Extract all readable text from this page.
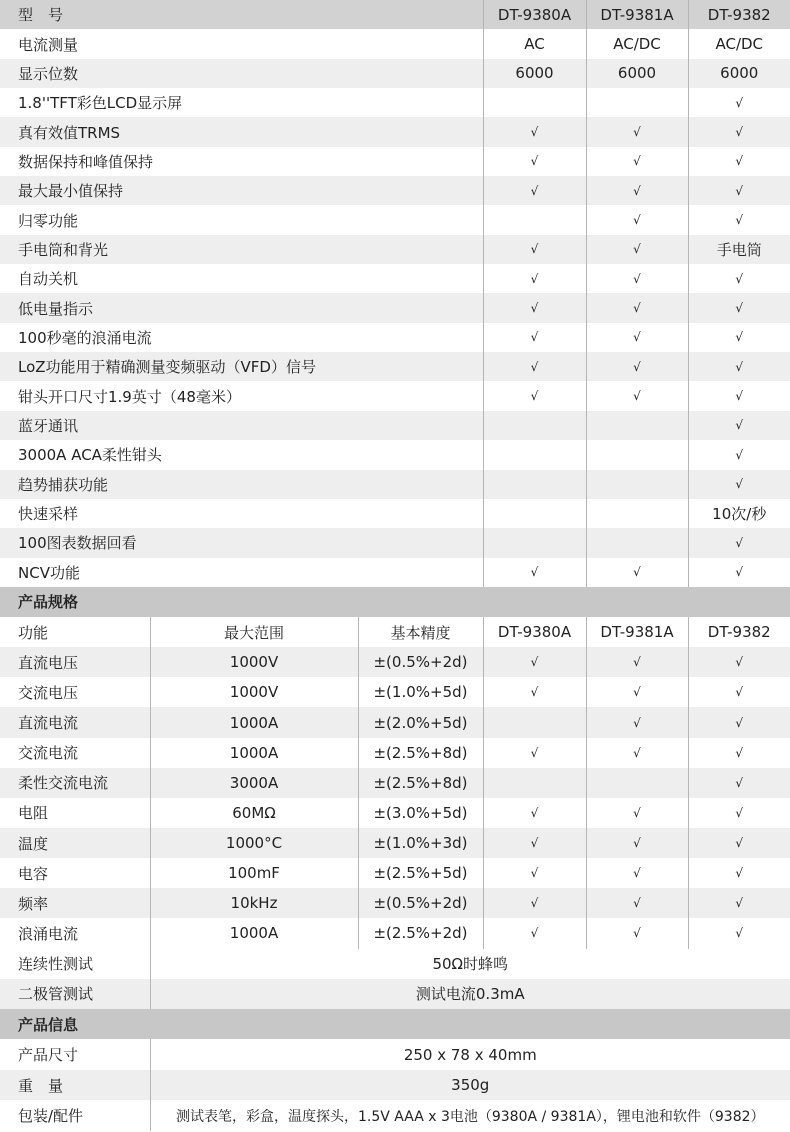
型　号	DT-9380A	DT-9381A	DT-9382
电流测量	AC	AC/DC	AC/DC
显示位数	6000	6000	6000
1.8''TFT彩色LCD显示屏			√
真有效值TRMS	√	√	√
数据保持和峰值保持	√	√	√
最大最小值保持	√	√	√
归零功能		√	√
手电筒和背光	√	√	手电筒
自动关机	√	√	√
低电量指示	√	√	√
100秒毫的浪涌电流	√	√	√
LoZ功能用于精确测量变频驱动（VFD）信号	√	√	√
钳头开口尺寸1.9英寸（48毫米）	√	√	√
蓝牙通讯			√
3000A ACA柔性钳头			√
趋势捕获功能			√
快速采样			10次/秒
100图表数据回看			√
NCV功能	√	√	√
产品规格					
功能	最大范围	基本精度	DT-9380A	DT-9381A	DT-9382
直流电压	1000V	±(0.5%+2d)	√	√	√
交流电压	1000V	±(1.0%+5d)	√	√	√
直流电流	1000A	±(2.0%+5d)		√	√
交流电流	1000A	±(2.5%+8d)	√	√	√
柔性交流电流	3000A	±(2.5%+8d)			√
电阻	60MΩ	±(3.0%+5d)	√	√	√
温度	1000°C	±(1.0%+3d)	√	√	√
电容	100mF	±(2.5%+5d)	√	√	√
频率	10kHz	±(0.5%+2d)	√	√	√
浪涌电流	1000A	±(2.5%+2d)	√	√	√
连续性测试	50Ω时蜂鸣				
二极管测试	测试电流0.3mA				
产品信息	
产品尺寸	250 x 78 x 40mm
重　量	350g
包装/配件	测试表笔，彩盒，温度探头，1.5V AAA x 3电池（9380A / 9381A），锂电池和软件（9382）
